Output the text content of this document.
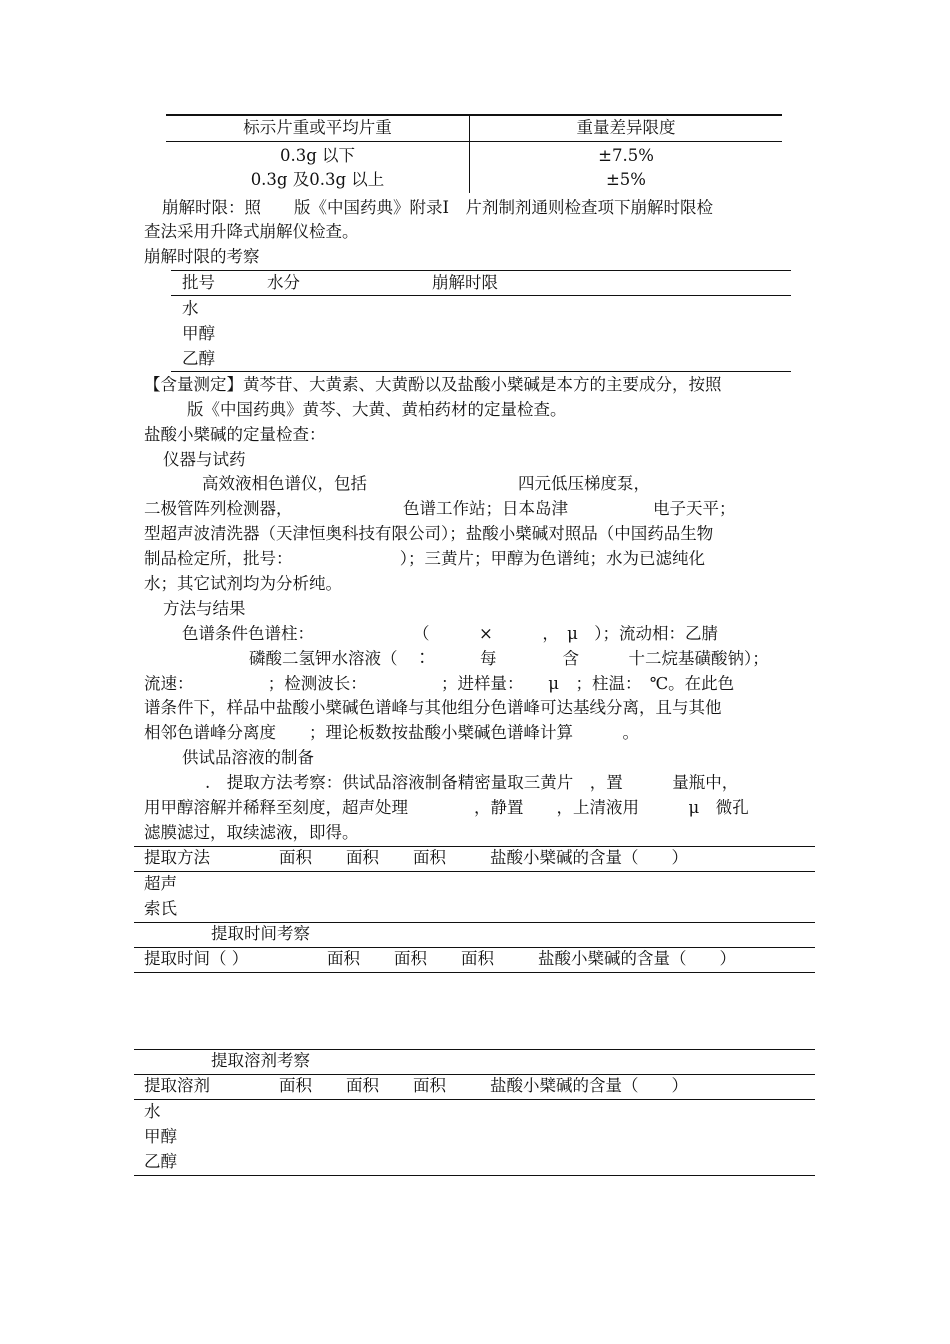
标示片重或平均片重	重量差异限度
0.3g 以下	±7.5%
0.3g 及0.3g 以上	±5%
崩解时限：照　　版《中国药典》附录Ⅰ　片剂制剂通则检查项下崩解时限检
查法采用升降式崩解仪检查。
崩解时限的考察
批号	水分	崩解时限
水
甲醇
乙醇
【含量测定】黄芩苷、大黄素、大黄酚以及盐酸小檗碱是本方的主要成分，按照
版《中国药典》黄芩、大黄、黄柏药材的定量检查。
盐酸小檗碱的定量检查：
仪器与试药
高效液相色谱仪，包括	四元低压梯度泵，
二极管阵列检测器，	色谱工作站；日本岛津	电子天平；
型超声波清洗器（天津恒奥科技有限公司）；盐酸小檗碱对照品（中国药品生物
制品检定所，批号：　　　　　　　）；三黄片；甲醇为色谱纯；水为已滤纯化
水；其它试剂均为分析纯。
方法与结果
色谱条件色谱柱：　　　　　　　（　　　×　　　，　μ　）；流动相：乙腈
磷酸二氢钾水溶液（　∶　　　每　　　　含　　　十二烷基磺酸钠）；
流速：　　　　　；检测波长：　　　　　；进样量：　　μ　；柱温：　℃。在此色
谱条件下，样品中盐酸小檗碱色谱峰与其他组分色谱峰可达基线分离，且与其他
相邻色谱峰分离度　　；理论板数按盐酸小檗碱色谱峰计算　　　。
供试品溶液的制备
.　提取方法考察：供试品溶液制备精密量取三黄片　，置　　　量瓶中，
用甲醇溶解并稀释至刻度，超声处理　　　　，静置　　，上清液用　　　μ　微孔
滤膜滤过，取续滤液，即得。
提取方法	面积 面积 面积	盐酸小檗碱的含量（　　）
超声
索氏
提取时间考察
提取时间（ ）	面积 面积 面积	盐酸小檗碱的含量（　　）
提取溶剂考察
提取溶剂	面积 面积 面积	盐酸小檗碱的含量（　　）
水
甲醇
乙醇
